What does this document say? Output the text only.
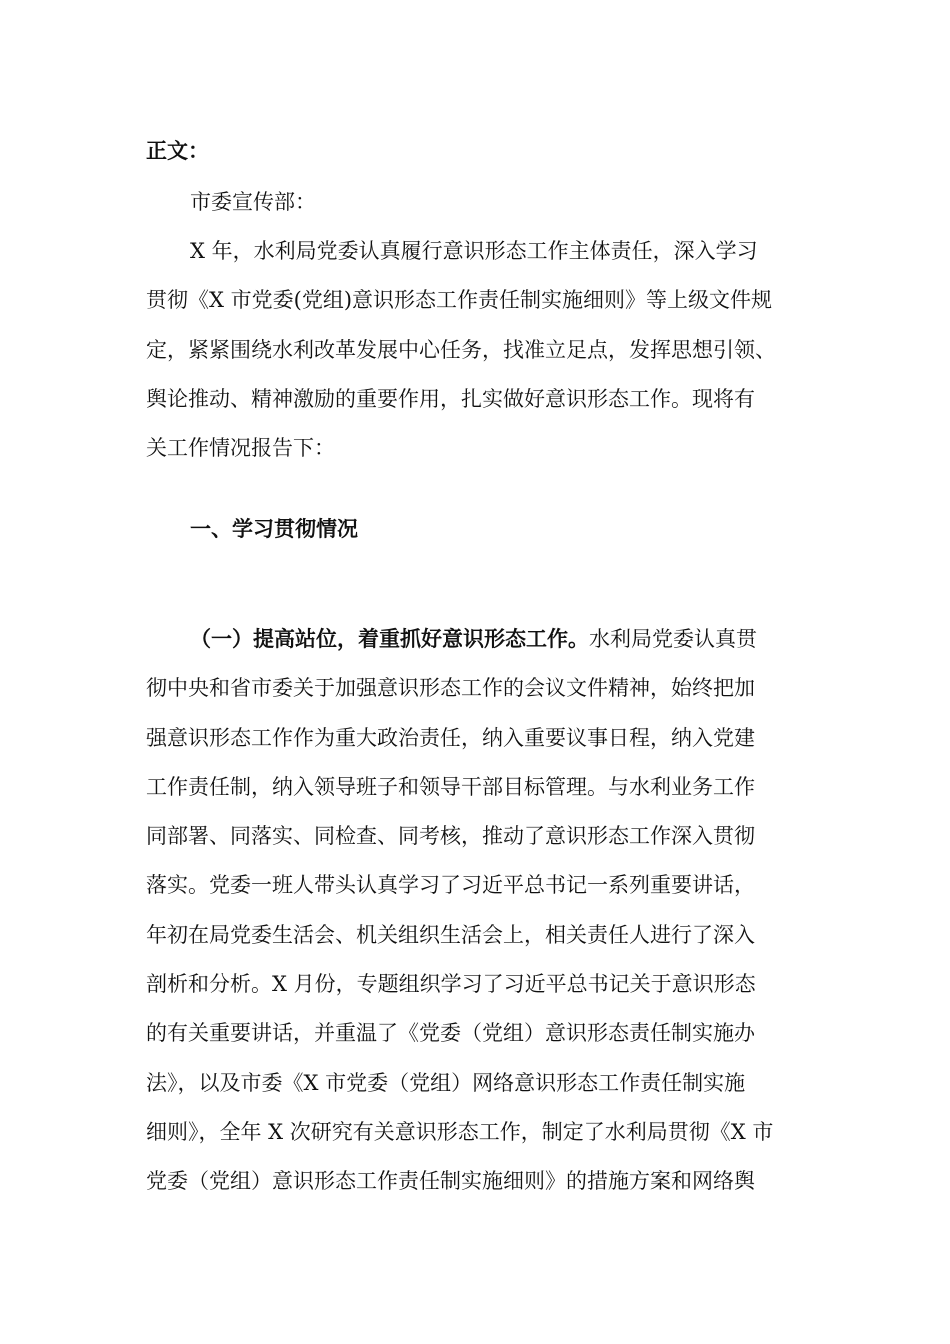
正文：
市委宣传部：
X 年，水利局党委认真履行意识形态工作主体责任，深入学习
贯彻《X 市党委(党组)意识形态工作责任制实施细则》等上级文件规
定，紧紧围绕水利改革发展中心任务，找准立足点，发挥思想引领、
舆论推动、精神激励的重要作用，扎实做好意识形态工作。现将有
关工作情况报告下：
一、学习贯彻情况
（一）提高站位，着重抓好意识形态工作。水利局党委认真贯
彻中央和省市委关于加强意识形态工作的会议文件精神，始终把加
强意识形态工作作为重大政治责任，纳入重要议事日程，纳入党建
工作责任制，纳入领导班子和领导干部目标管理。与水利业务工作
同部署、同落实、同检查、同考核，推动了意识形态工作深入贯彻
落实。党委一班人带头认真学习了习近平总书记一系列重要讲话，
年初在局党委生活会、机关组织生活会上，相关责任人进行了深入
剖析和分析。X 月份，专题组织学习了习近平总书记关于意识形态
的有关重要讲话，并重温了《党委（党组）意识形态责任制实施办
法》，以及市委《X 市党委（党组）网络意识形态工作责任制实施
细则》，全年 X 次研究有关意识形态工作，制定了水利局贯彻《X 市
党委（党组）意识形态工作责任制实施细则》的措施方案和网络舆
